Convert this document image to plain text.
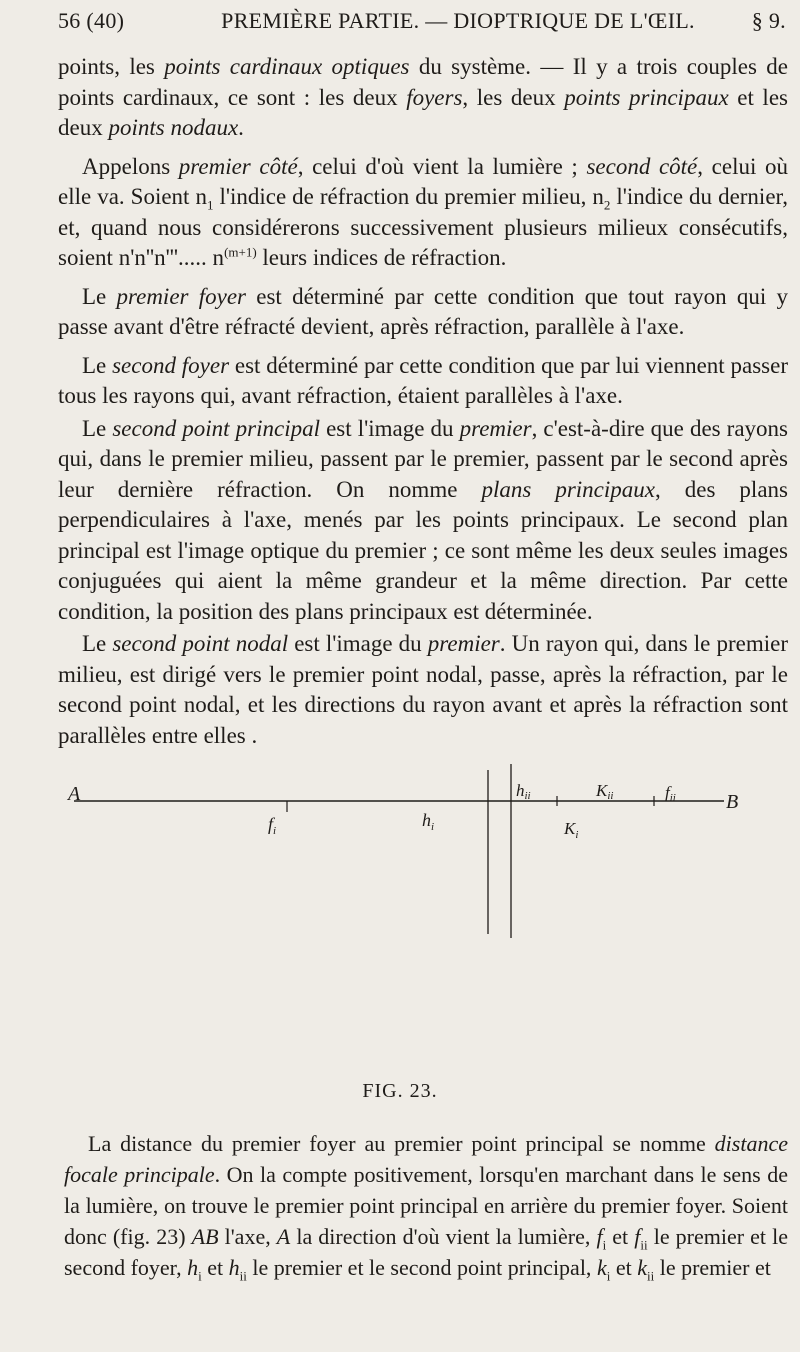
56 (40)	PREMIÈRE PARTIE. — DIOPTRIQUE DE L'ŒIL.	§ 9.

points, les points cardinaux optiques du système. — Il y a trois couples de points cardinaux, ce sont : les deux foyers, les deux points principaux et les deux points nodaux.

Appelons premier côté, celui d'où vient la lumière ; second côté, celui où elle va. Soient $n_1$ l'indice de réfraction du premier milieu, $n_2$ l'indice du dernier, et, quand nous considérerons successivement plusieurs milieux consécutifs, soient n'n''n'''..... $n^{(m+1)}$ leurs indices de réfraction.

Le premier foyer est déterminé par cette condition que tout rayon qui y passe avant d'être réfracté devient, après réfraction, parallèle à l'axe.

Le second foyer est déterminé par cette condition que par lui viennent passer tous les rayons qui, avant réfraction, étaient parallèles à l'axe.

Le second point principal est l'image du premier, c'est-à-dire que des rayons qui, dans le premier milieu, passent par le premier, passent par le second après leur dernière réfraction. On nomme plans principaux, des plans perpendiculaires à l'axe, menés par les points principaux. Le second plan principal est l'image optique du premier ; ce sont même les deux seules images conjuguées qui aient la même grandeur et la même direction. Par cette condition, la position des plans principaux est déterminée.

Le second point nodal est l'image du premier. Un rayon qui, dans le premier milieu, est dirigé vers le premier point nodal, passe, après la réfraction, par le second point nodal, et les directions du rayon avant et après la réfraction sont parallèles entre elles .

A
$f_i$
$h_i$
hii
$K_i$
Kii	fii	B
FIG. 23.

La distance du premier foyer au premier point principal se nomme distance focale principale. On la compte positivement, lorsqu'en marchant dans le sens de la lumière, on trouve le premier point principal en arrière du premier foyer. Soient donc (fig. 23) AB l'axe, A la direction d'où vient la lumière, $f_i$ et $f_{ii}$ le premier et le second foyer, $h_i$ et $h_{ii}$ le premier et le second point principal, $k_i$ et $k_{ii}$ le premier et
